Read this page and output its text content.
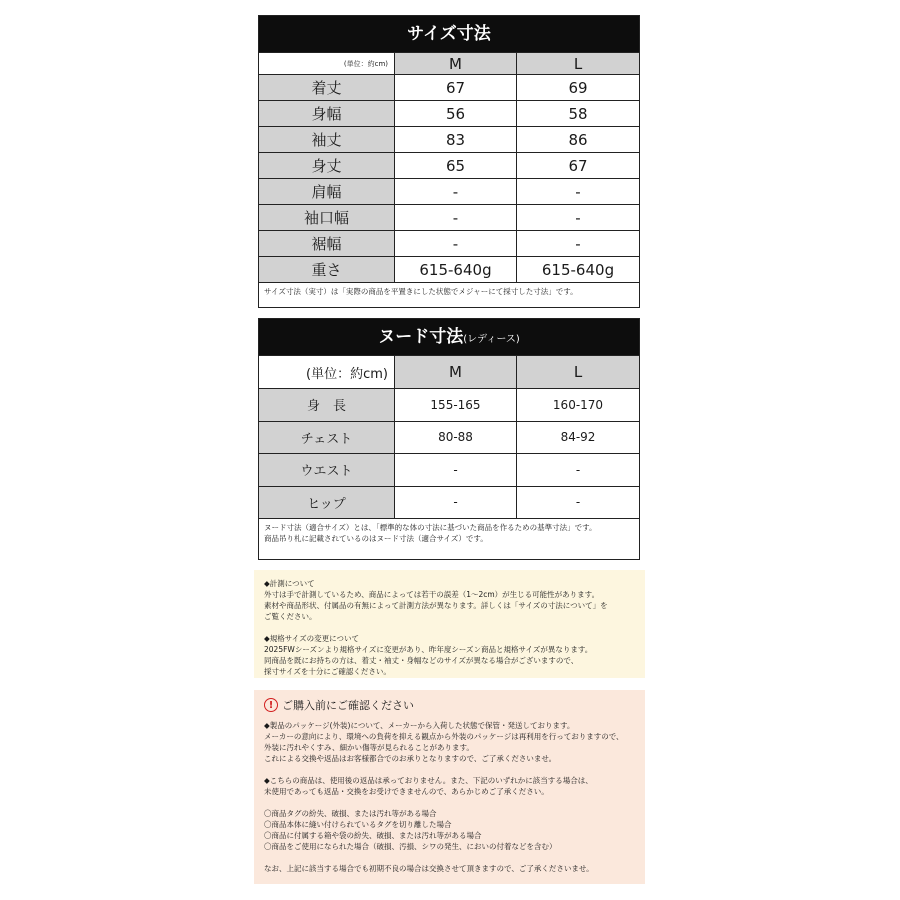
サイズ寸法
(単位：約cm)	M	L
着丈	67	69
身幅	56	58
袖丈	83	86
身丈	65	67
肩幅	-	-
袖口幅	-	-
裾幅	-	-
重さ	615-640g	615-640g
サイズ寸法（実寸）は「実際の商品を平置きにした状態でメジャーにて採寸した寸法」です。
ヌード寸法(レディース)
(単位：約cm)	M	L
身　長	155-165	160-170
チェスト	80-88	84-92
ウエスト	-	-
ヒップ	-	-
ヌード寸法（適合サイズ）とは、「標準的な体の寸法に基づいた商品を作るための基準寸法」です。
商品吊り札に記載されているのはヌード寸法（適合サイズ）です。
◆計測について
外寸は手で計測しているため、商品によっては若干の誤差（1～2cm）が生じる可能性があります。
素材や商品形状、付属品の有無によって計測方法が異なります。詳しくは「サイズの寸法について」を
ご覧ください。
◆規格サイズの変更について
2025FWシーズンより規格サイズに変更があり、昨年度シーズン商品と規格サイズが異なります。
同商品を既にお持ちの方は、着丈・袖丈・身幅などのサイズが異なる場合がございますので、
採寸サイズを十分にご確認ください。
! ご購入前にご確認ください
◆製品のパッケージ(外装)について、メーカーから入荷した状態で保管・発送しております。
メーカーの意向により、環境への負荷を抑える観点から外装のパッケージは再利用を行っておりますので、
外装に汚れやくすみ、細かい傷等が見られることがあります。
これによる交換や返品はお客様都合でのお承りとなりますので、ご了承くださいませ。
◆こちらの商品は、使用後の返品は承っておりません。また、下記のいずれかに該当する場合は、
未使用であっても返品・交換をお受けできませんので、あらかじめご了承ください。
〇商品タグの紛失、破損、または汚れ等がある場合
〇商品本体に縫い付けられているタグを切り離した場合
〇商品に付属する箱や袋の紛失、破損、または汚れ等がある場合
〇商品をご使用になられた場合（破損、汚損、シワの発生、においの付着などを含む）
なお、上記に該当する場合でも初期不良の場合は交換させて頂きますので、ご了承くださいませ。
